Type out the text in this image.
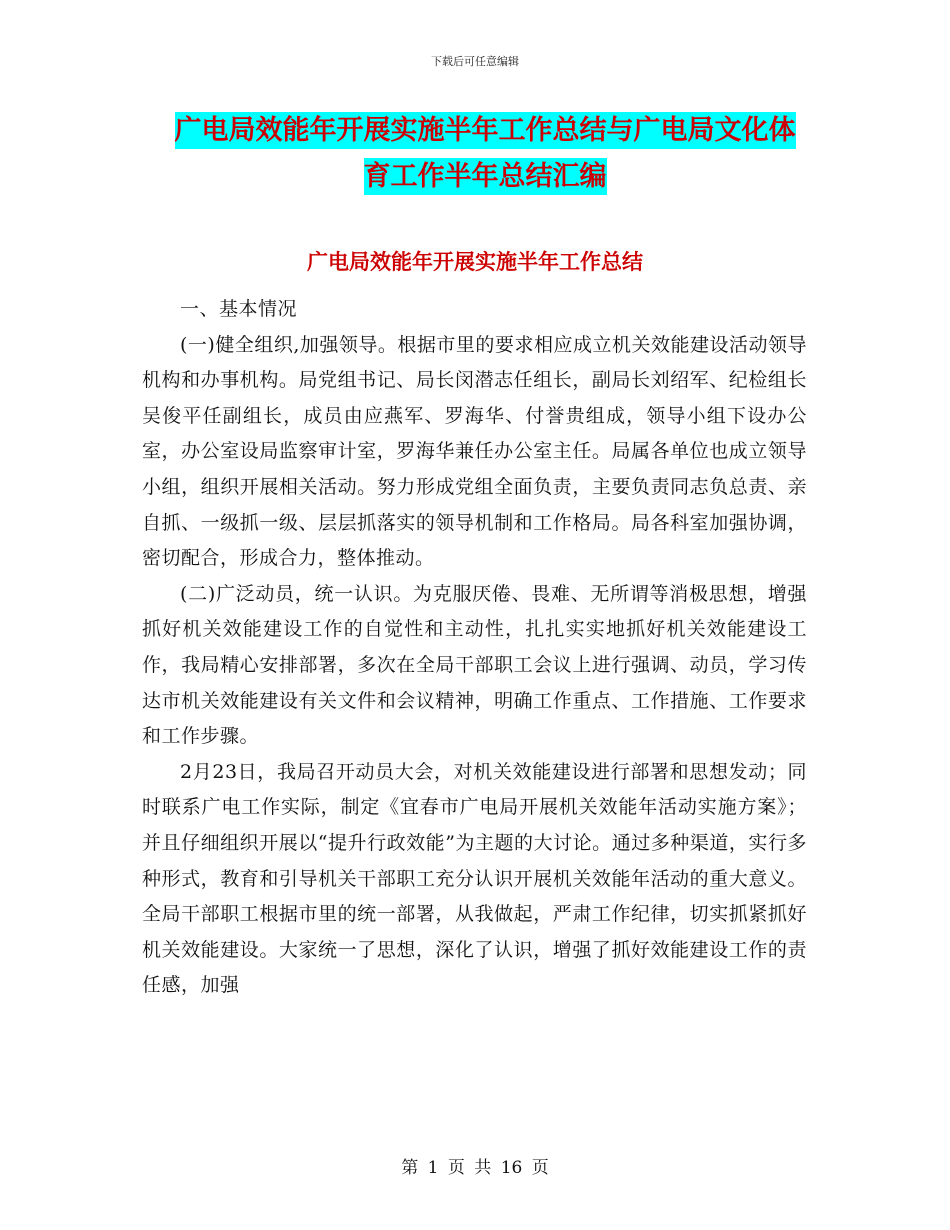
下载后可任意编辑
广电局效能年开展实施半年工作总结与广电局文化体
育工作半年总结汇编
广电局效能年开展实施半年工作总结

一、基本情况

(一)健全组织,加强领导。根据市里的要求相应成立机关效能建设活动领导机构和办事机构。局党组书记、局长闵潜志任组长，副局长刘绍军、纪检组长吴俊平任副组长，成员由应燕军、罗海华、付誉贵组成，领导小组下设办公室，办公室设局监察审计室，罗海华兼任办公室主任。局属各单位也成立领导小组，组织开展相关活动。努力形成党组全面负责，主要负责同志负总责、亲自抓、一级抓一级、层层抓落实的领导机制和工作格局。局各科室加强协调，密切配合，形成合力，整体推动。

(二)广泛动员，统一认识。为克服厌倦、畏难、无所谓等消极思想，增强抓好机关效能建设工作的自觉性和主动性，扎扎实实地抓好机关效能建设工作，我局精心安排部署，多次在全局干部职工会议上进行强调、动员，学习传达市机关效能建设有关文件和会议精神，明确工作重点、工作措施、工作要求和工作步骤。

2月23日，我局召开动员大会，对机关效能建设进行部署和思想发动；同时联系广电工作实际，制定《宜春市广电局开展机关效能年活动实施方案》；并且仔细组织开展以“提升行政效能”为主题的大讨论。通过多种渠道，实行多种形式，教育和引导机关干部职工充分认识开展机关效能年活动的重大意义。全局干部职工根据市里的统一部署，从我做起，严肃工作纪律，切实抓紧抓好机关效能建设。大家统一了思想，深化了认识，增强了抓好效能建设工作的责任感，加强

第 1 页 共 16 页
